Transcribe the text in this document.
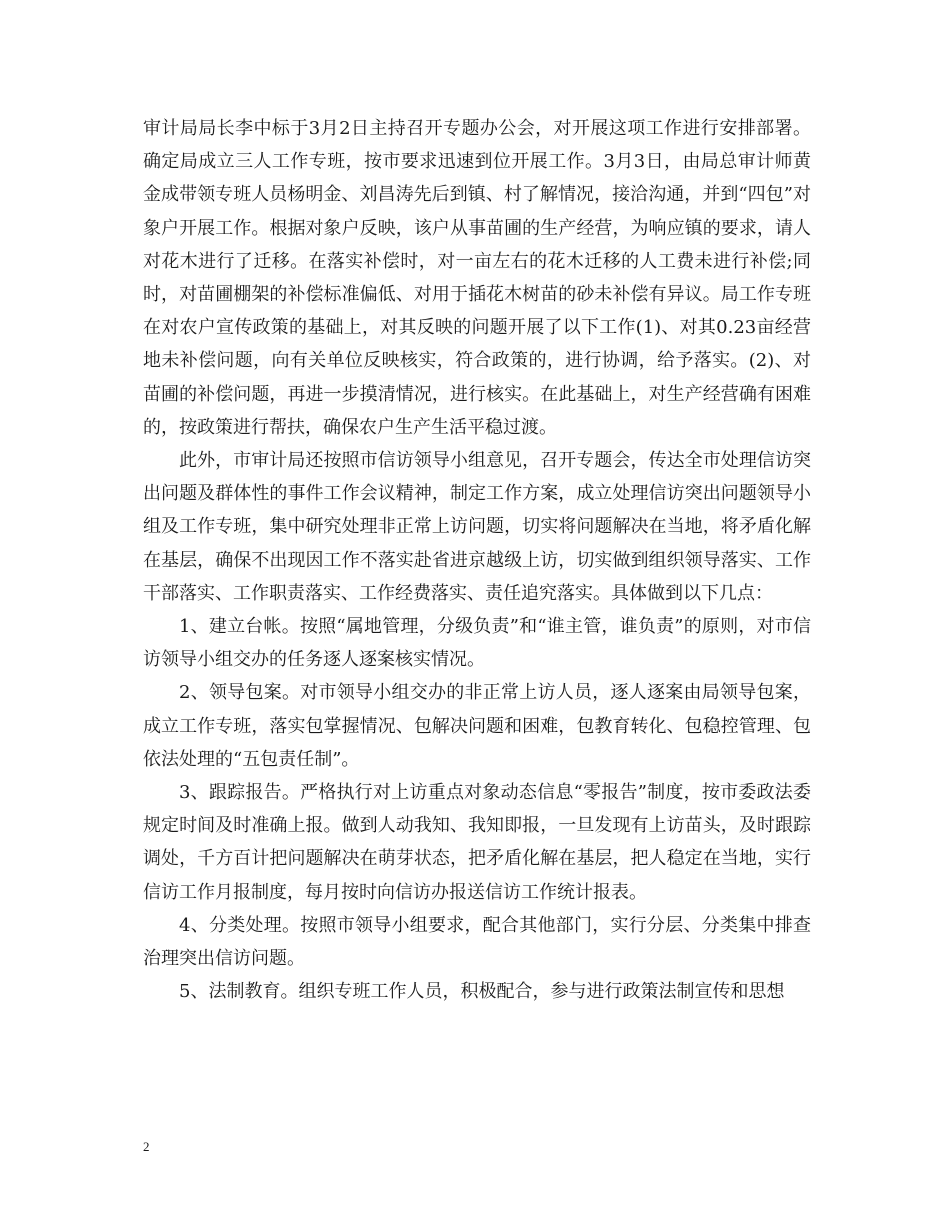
审计局局长李中标于3月2日主持召开专题办公会，对开展这项工作进行安排部署。确定局成立三人工作专班，按市要求迅速到位开展工作。3月3日，由局总审计师黄金成带领专班人员杨明金、刘昌涛先后到镇、村了解情况，接洽沟通，并到“四包”对象户开展工作。根据对象户反映，该户从事苗圃的生产经营，为响应镇的要求，请人对花木进行了迁移。在落实补偿时，对一亩左右的花木迁移的人工费未进行补偿;同时，对苗圃棚架的补偿标准偏低、对用于插花木树苗的砂未补偿有异议。局工作专班在对农户宣传政策的基础上，对其反映的问题开展了以下工作(1)、对其0.23亩经营地未补偿问题，向有关单位反映核实，符合政策的，进行协调，给予落实。(2)、对苗圃的补偿问题，再进一步摸清情况，进行核实。在此基础上，对生产经营确有困难的，按政策进行帮扶，确保农户生产生活平稳过渡。

此外，市审计局还按照市信访领导小组意见，召开专题会，传达全市处理信访突出问题及群体性的事件工作会议精神，制定工作方案，成立处理信访突出问题领导小组及工作专班，集中研究处理非正常上访问题，切实将问题解决在当地，将矛盾化解在基层，确保不出现因工作不落实赴省进京越级上访，切实做到组织领导落实、工作干部落实、工作职责落实、工作经费落实、责任追究落实。具体做到以下几点：

1、建立台帐。按照“属地管理，分级负责”和“谁主管，谁负责”的原则，对市信访领导小组交办的任务逐人逐案核实情况。

2、领导包案。对市领导小组交办的非正常上访人员，逐人逐案由局领导包案，成立工作专班，落实包掌握情况、包解决问题和困难，包教育转化、包稳控管理、包依法处理的“五包责任制”。

3、跟踪报告。严格执行对上访重点对象动态信息“零报告”制度，按市委政法委规定时间及时准确上报。做到人动我知、我知即报，一旦发现有上访苗头，及时跟踪调处，千方百计把问题解决在萌芽状态，把矛盾化解在基层，把人稳定在当地，实行信访工作月报制度，每月按时向信访办报送信访工作统计报表。

4、分类处理。按照市领导小组要求，配合其他部门，实行分层、分类集中排查治理突出信访问题。

5、法制教育。组织专班工作人员，积极配合，参与进行政策法制宣传和思想

2
